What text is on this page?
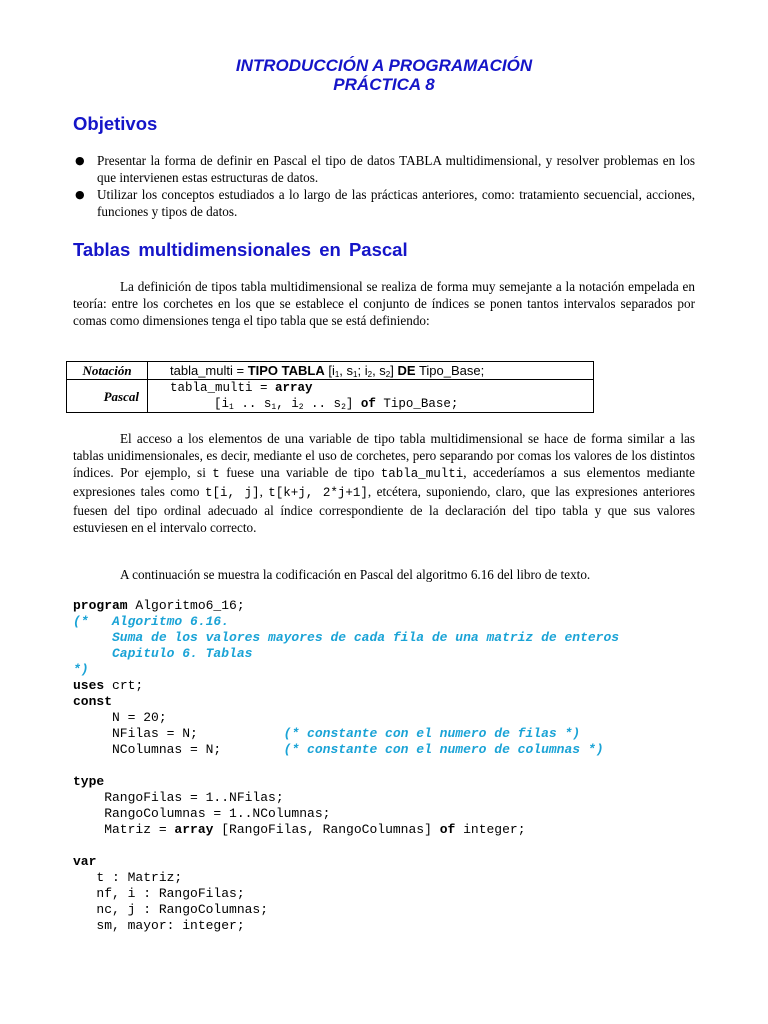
INTRODUCCIÓN A PROGRAMACIÓN
PRÁCTICA 8
Objetivos
● Presentar la forma de definir en Pascal el tipo de datos TABLA multidimensional, y resolver problemas en los que intervienen estas estructuras de datos.
● Utilizar los conceptos estudiados a lo largo de las prácticas anteriores, como: tratamiento secuencial, acciones, funciones y tipos de datos.
Tablas multidimensionales en Pascal

La definición de tipos tabla multidimensional se realiza de forma muy semejante a la notación empelada en teoría: entre los corchetes en los que se establece el conjunto de índices se ponen tantos intervalos separados por comas como dimensiones tenga el tipo tabla que se está definiendo:

Notación	tabla_multi = TIPO TABLA [$i_1$, $s_1$; $i_2$, $s_2$] DE Tipo_Base;
Pascal	tabla_multi = array
[$i_1$ .. $s_1$, $i_2$ .. $s_2$] of Tipo_Base;

El acceso a los elementos de una variable de tipo tabla multidimensional se hace de forma similar a las tablas unidimensionales, es decir, mediante el uso de corchetes, pero separando por comas los valores de los distintos índices. Por ejemplo, si t fuese una variable de tipo tabla_multi, accederíamos a sus elementos mediante expresiones tales como t[i, j], t[k+j, 2*j+1], etcétera, suponiendo, claro, que las expresiones anteriores fuesen del tipo ordinal adecuado al índice correspondiente de la declaración del tipo tabla y que sus valores estuviesen en el intervalo correcto.

A continuación se muestra la codificación en Pascal del algoritmo 6.16 del libro de texto.

program Algoritmo6_16;
(*   Algoritmo 6.16.
Suma de los valores mayores de cada fila de una matriz de enteros
Capitulo 6. Tablas
*)
uses crt;
const
N = 20;
NFilas = N;           (* constante con el numero de filas *)
NColumnas = N;        (* constante con el numero de columnas *)

type
RangoFilas = 1..NFilas;
RangoColumnas = 1..NColumnas;
Matriz = array [RangoFilas, RangoColumnas] of integer;

var
t : Matriz;
nf, i : RangoFilas;
nc, j : RangoColumnas;
sm, mayor: integer;
